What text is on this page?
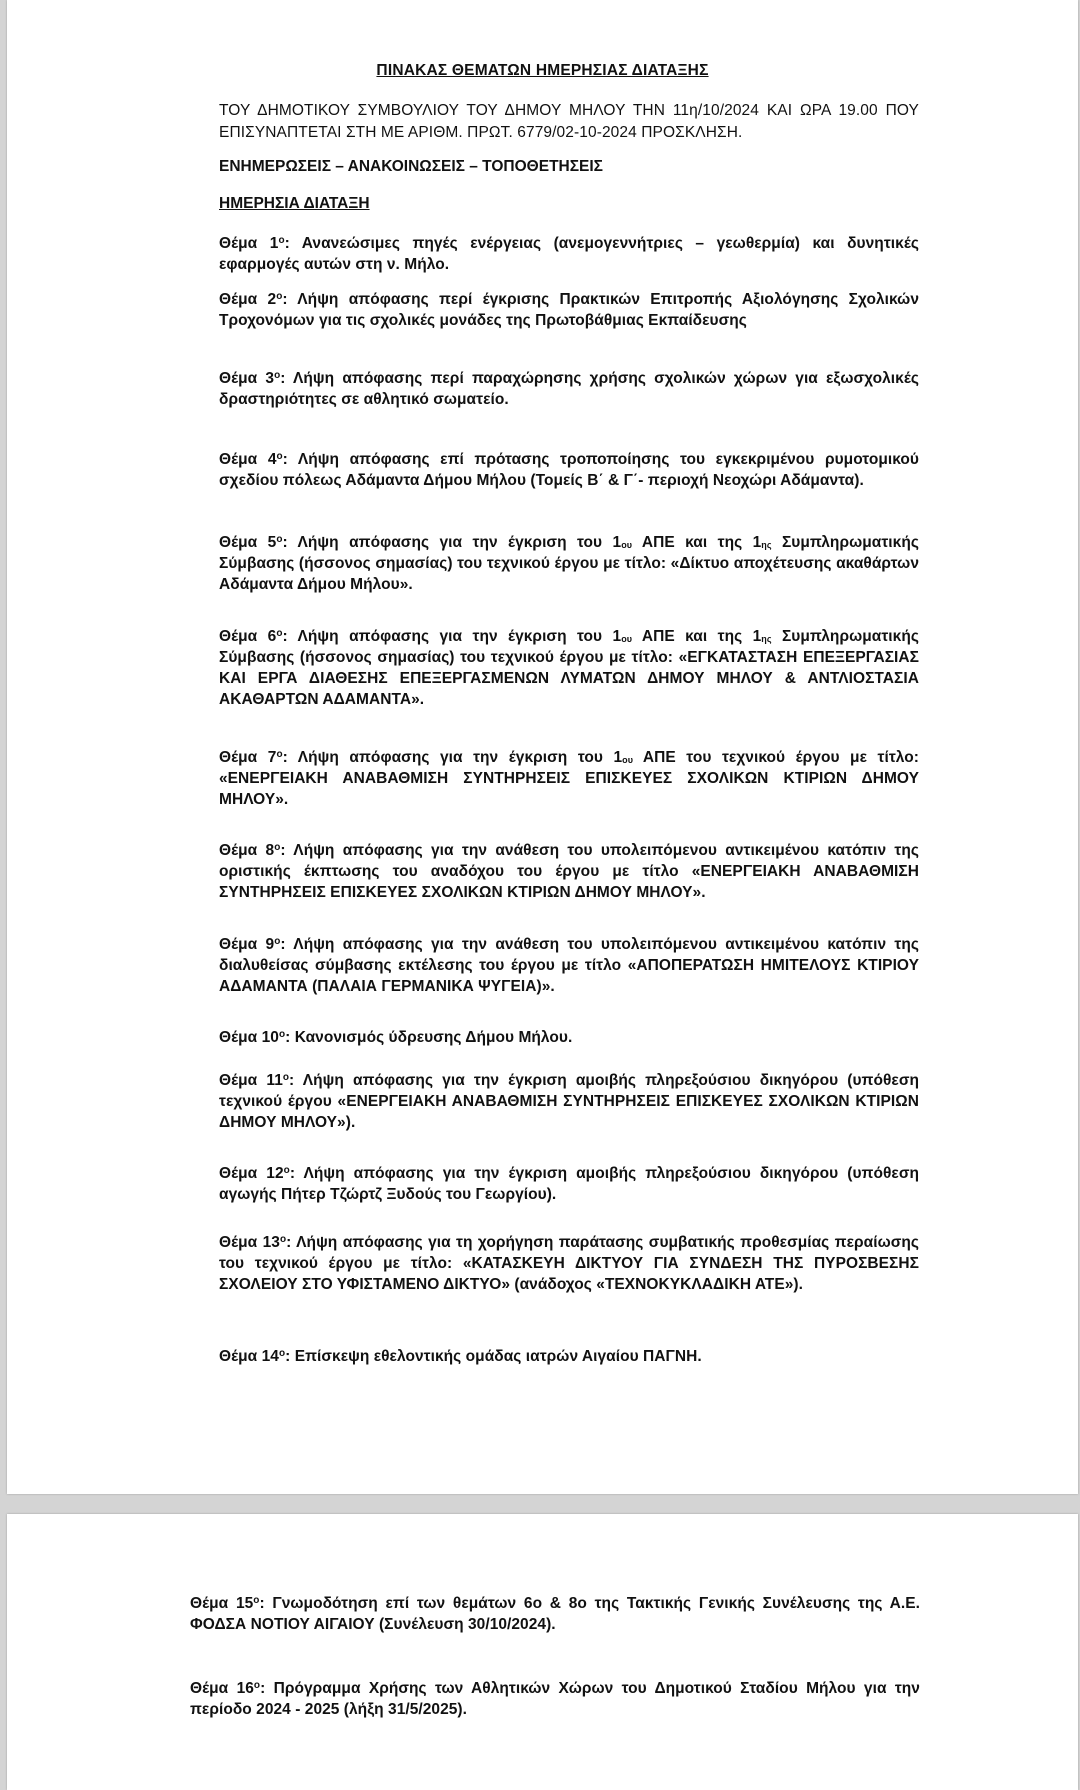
ΠΙΝΑΚΑΣ ΘΕΜΑΤΩΝ ΗΜΕΡΗΣΙΑΣ ΔΙΑΤΑΞΗΣ
ΤΟΥ ΔΗΜΟΤΙΚΟΥ ΣΥΜΒΟΥΛΙΟΥ ΤΟΥ ΔΗΜΟΥ ΜΗΛΟΥ ΤΗΝ 11η/10/2024 ΚΑΙ ΩΡΑ 19.00 ΠΟΥ ΕΠΙΣΥΝΑΠΤΕΤΑΙ ΣΤΗ ΜΕ ΑΡΙΘΜ. ΠΡΩΤ. 6779/02-10-2024 ΠΡΟΣΚΛΗΣΗ.
ΕΝΗΜΕΡΩΣΕΙΣ – ΑΝΑΚΟΙΝΩΣΕΙΣ – ΤΟΠΟΘΕΤΗΣΕΙΣ
ΗΜΕΡΗΣΙΑ ΔΙΑΤΑΞΗ
Θέμα $1^o$: Ανανεώσιμες πηγές ενέργειας (ανεμογεννήτριες – γεωθερμία) και δυνητικές εφαρμογές αυτών στη ν. Μήλο.
Θέμα $2^o$: Λήψη απόφασης περί έγκρισης Πρακτικών Επιτροπής Αξιολόγησης Σχολικών Τροχονόμων για τις σχολικές μονάδες της Πρωτοβάθμιας Εκπαίδευσης
Θέμα $3^o$: Λήψη απόφασης περί παραχώρησης χρήσης σχολικών χώρων για εξωσχολικές δραστηριότητες σε αθλητικό σωματείο.
Θέμα $4^o$: Λήψη απόφασης επί πρότασης τροποποίησης του εγκεκριμένου ρυμοτομικού σχεδίου πόλεως Αδάμαντα Δήμου Μήλου (Τομείς Β΄ & Γ΄- περιοχή Νεοχώρι Αδάμαντα).
Θέμα $5^o$: Λήψη απόφασης για την έγκριση του $1_{o\upsilon}$ ΑΠΕ και της $1_{\eta\varsigma}$ Συμπληρωματικής Σύμβασης (ήσσονος σημασίας) του τεχνικού έργου με τίτλο: «Δίκτυο αποχέτευσης ακαθάρτων Αδάμαντα Δήμου Μήλου».
Θέμα $6^o$: Λήψη απόφασης για την έγκριση του $1_{o\upsilon}$ ΑΠΕ και της $1_{\eta\varsigma}$ Συμπληρωματικής Σύμβασης (ήσσονος σημασίας) του τεχνικού έργου με τίτλο: «ΕΓΚΑΤΑΣΤΑΣΗ ΕΠΕΞΕΡΓΑΣΙΑΣ ΚΑΙ ΕΡΓΑ ΔΙΑΘΕΣΗΣ ΕΠΕΞΕΡΓΑΣΜΕΝΩΝ ΛΥΜΑΤΩΝ ΔΗΜΟΥ ΜΗΛΟΥ & ΑΝΤΛΙΟΣΤΑΣΙΑ ΑΚΑΘΑΡΤΩΝ ΑΔΑΜΑΝΤΑ».
Θέμα $7^o$: Λήψη απόφασης για την έγκριση του $1_{o\upsilon}$ ΑΠΕ του τεχνικού έργου με τίτλο: «ΕΝΕΡΓΕΙΑΚΗ ΑΝΑΒΑΘΜΙΣΗ ΣΥΝΤΗΡΗΣΕΙΣ ΕΠΙΣΚΕΥΕΣ ΣΧΟΛΙΚΩΝ ΚΤΙΡΙΩΝ ΔΗΜΟΥ ΜΗΛΟΥ».
Θέμα $8^o$: Λήψη απόφασης για την ανάθεση του υπολειπόμενου αντικειμένου κατόπιν της οριστικής έκπτωσης του αναδόχου του έργου με τίτλο «ΕΝΕΡΓΕΙΑΚΗ ΑΝΑΒΑΘΜΙΣΗ ΣΥΝΤΗΡΗΣΕΙΣ ΕΠΙΣΚΕΥΕΣ ΣΧΟΛΙΚΩΝ ΚΤΙΡΙΩΝ ΔΗΜΟΥ ΜΗΛΟΥ».
Θέμα $9^o$: Λήψη απόφασης για την ανάθεση του υπολειπόμενου αντικειμένου κατόπιν της διαλυθείσας σύμβασης εκτέλεσης του έργου με τίτλο «ΑΠΟΠΕΡΑΤΩΣΗ ΗΜΙΤΕΛΟΥΣ ΚΤΙΡΙΟΥ ΑΔΑΜΑΝΤΑ (ΠΑΛΑΙΑ ΓΕΡΜΑΝΙΚΑ ΨΥΓΕΙΑ)».
Θέμα $10^o$: Κανονισμός ύδρευσης Δήμου Μήλου.
Θέμα $11^o$: Λήψη απόφασης για την έγκριση αμοιβής πληρεξούσιου δικηγόρου (υπόθεση τεχνικού έργου «ΕΝΕΡΓΕΙΑΚΗ ΑΝΑΒΑΘΜΙΣΗ ΣΥΝΤΗΡΗΣΕΙΣ ΕΠΙΣΚΕΥΕΣ ΣΧΟΛΙΚΩΝ ΚΤΙΡΙΩΝ ΔΗΜΟΥ ΜΗΛΟΥ»).
Θέμα $12^o$: Λήψη απόφασης για την έγκριση αμοιβής πληρεξούσιου δικηγόρου (υπόθεση αγωγής Πήτερ Τζώρτζ Ξυδούς του Γεωργίου).
Θέμα $13^o$: Λήψη απόφασης για τη χορήγηση παράτασης συμβατικής προθεσμίας περαίωσης του τεχνικού έργου με τίτλο: «ΚΑΤΑΣΚΕΥΗ ΔΙΚΤΥΟΥ ΓΙΑ ΣΥΝΔΕΣΗ ΤΗΣ ΠΥΡΟΣΒΕΣΗΣ ΣΧΟΛΕΙΟΥ ΣΤΟ ΥΦΙΣΤΑΜΕΝΟ ΔΙΚΤΥΟ» (ανάδοχος «ΤΕΧΝΟΚΥΚΛΑΔΙΚΗ ΑΤΕ»).
Θέμα $14^o$: Επίσκεψη εθελοντικής ομάδας ιατρών Αιγαίου ΠΑΓΝΗ.
Θέμα $15^o$: Γνωμοδότηση επί των θεμάτων 6ο & 8ο της Τακτικής Γενικής Συνέλευσης της Α.Ε. ΦΟΔΣΑ ΝΟΤΙΟΥ ΑΙΓΑΙΟΥ (Συνέλευση 30/10/2024).
Θέμα $16^o$: Πρόγραμμα Χρήσης των Αθλητικών Χώρων του Δημοτικού Σταδίου Μήλου για την περίοδο 2024 - 2025 (λήξη 31/5/2025).
